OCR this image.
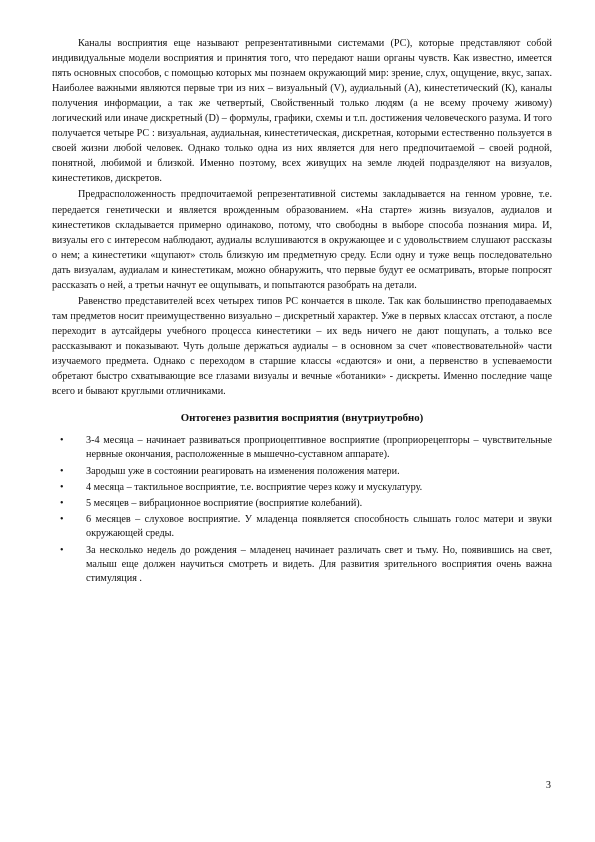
Каналы восприятия еще называют репрезентативными системами (РС), которые представляют собой индивидуальные модели восприятия и принятия того, что передают наши органы чувств. Как известно, имеется пять основных способов, с помощью которых мы познаем окружающий мир: зрение, слух, ощущение, вкус, запах. Наиболее важными являются первые три из них – визуальный (V), аудиальный (А), кинестетический (К), каналы получения информации, а так же четвертый, Свойственный только людям (а не всему прочему живому) логический или иначе дискретный (D) – формулы, графики, схемы и т.п. достижения человеческого разума. И того получается четыре РС : визуальная, аудиальная, кинестетическая, дискретная, которыми естественно пользуется в своей жизни любой человек. Однако только одна из них является для него предпочитаемой – своей родной, понятной, любимой и близкой. Именно поэтому, всех живущих на земле людей подразделяют на визуалов, кинестетиков, дискретов.

Предрасположенность предпочитаемой репрезентативной системы закладывается на генном уровне, т.е. передается генетически и является врожденным образованием. «На старте» жизнь визуалов, аудиалов и кинестетиков складывается примерно одинаково, потому, что свободны в выборе способа познания мира. И, визуалы его с интересом наблюдают, аудиалы вслушиваются в окружающее и с удовольствием слушают рассказы о нем; а кинестетики «щупают» столь близкую им предметную среду. Если одну и туже вещь последовательно дать визуалам, аудиалам и кинестетикам, можно обнаружить, что первые будут ее осматривать, вторые попросят рассказать о ней, а третьи начнут ее ощупывать, и попытаются разобрать на детали.

Равенство представителей всех четырех типов РС кончается в школе. Так как большинство преподаваемых там предметов носит преимущественно визуально – дискретный характер. Уже в первых классах отстают, а после переходит в аутсайдеры учебного процесса кинестетики – их ведь ничего не дают пощупать, а только все рассказывают и показывают. Чуть дольше держаться аудиалы – в основном за счет «повествовательной» части изучаемого предмета. Однако с переходом в старшие классы «сдаются» и они, а первенство в успеваемости обретают быстро схватывающие все глазами визуалы и вечные «ботаники» - дискреты. Именно последние чаще всего и бывают круглыми отличниками.

Онтогенез развития восприятия (внутриутробно)
• 3-4 месяца – начинает развиваться проприоцептивное восприятие (проприорецепторы – чувствительные нервные окончания, расположенные в мышечно-суставном аппарате).
• Зародыш уже в состоянии реагировать на изменения положения матери.
• 4 месяца – тактильное восприятие, т.е. восприятие через кожу и мускулатуру.
• 5 месяцев – вибрационное восприятие (восприятие колебаний).
• 6 месяцев – слуховое восприятие. У младенца появляется способность слышать голос матери и звуки окружающей среды.
• За несколько недель до рождения – младенец начинает различать свет и тьму. Но, появившись на свет, малыш еще должен научиться смотреть и видеть. Для развития зрительного восприятия очень важна стимуляция .
3
